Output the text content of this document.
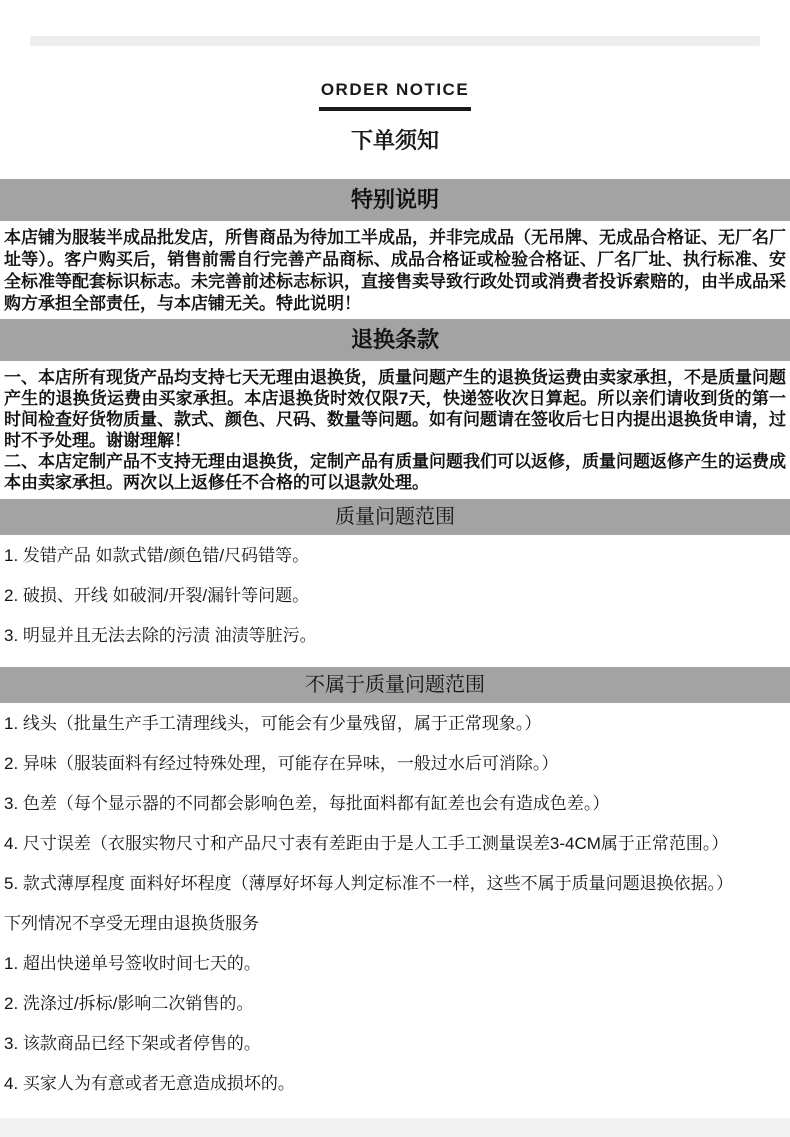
ORDER NOTICE
下单须知
特别说明

本店铺为服装半成品批发店，所售商品为待加工半成品，并非完成品（无吊牌、无成品合格证、无厂名厂址等）。客户购买后，销售前需自行完善产品商标、成品合格证或检验合格证、厂名厂址、执行标准、安全标准等配套标识标志。未完善前述标志标识，直接售卖导致行政处罚或消费者投诉索赔的，由半成品采购方承担全部责任，与本店铺无关。特此说明！

退换条款

一、本店所有现货产品均支持七天无理由退换货，质量问题产生的退换货运费由卖家承担，不是质量问题产生的退换货运费由买家承担。本店退换货时效仅限7天，快递签收次日算起。所以亲们请收到货的第一时间检查好货物质量、款式、颜色、尺码、数量等问题。如有问题请在签收后七日内提出退换货申请，过时不予处理。谢谢理解！

二、本店定制产品不支持无理由退换货，定制产品有质量问题我们可以返修，质量问题返修产生的运费成本由卖家承担。两次以上返修任不合格的可以退款处理。

质量问题范围

1. 发错产品 如款式错/颜色错/尺码错等。

2. 破损、开线 如破洞/开裂/漏针等问题。

3. 明显并且无法去除的污渍 油渍等脏污。

不属于质量问题范围

1. 线头（批量生产手工清理线头，可能会有少量残留，属于正常现象。）

2. 异味（服装面料有经过特殊处理，可能存在异味，一般过水后可消除。）

3. 色差（每个显示器的不同都会影响色差，每批面料都有缸差也会有造成色差。）

4. 尺寸误差（衣服实物尺寸和产品尺寸表有差距由于是人工手工测量误差3-4CM属于正常范围。）

5. 款式薄厚程度 面料好坏程度（薄厚好坏每人判定标准不一样，这些不属于质量问题退换依据。）

下列情况不享受无理由退换货服务

1. 超出快递单号签收时间七天的。

2. 洗涤过/拆标/影响二次销售的。

3. 该款商品已经下架或者停售的。

4. 买家人为有意或者无意造成损坏的。
